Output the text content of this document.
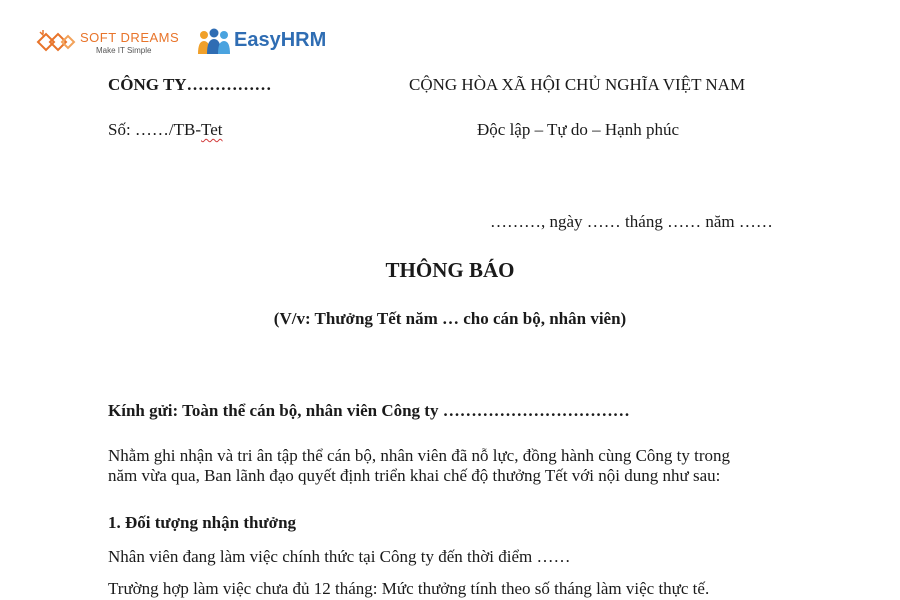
SOFT DREAMS
Make IT Simple	EasyHRM
CÔNG TY……………	CỘNG HÒA XÃ HỘI CHỦ NGHĨA VIỆT NAM
Số: ……/TB-Tet	Độc lập – Tự do – Hạnh phúc
………, ngày …… tháng …… năm ……
THÔNG BÁO
(V/v: Thưởng Tết năm … cho cán bộ, nhân viên)
Kính gửi: Toàn thể cán bộ, nhân viên Công ty ……………………………
Nhằm ghi nhận và tri ân tập thể cán bộ, nhân viên đã nỗ lực, đồng hành cùng Công ty trong
năm vừa qua, Ban lãnh đạo quyết định triển khai chế độ thưởng Tết với nội dung như sau:
1. Đối tượng nhận thưởng
Nhân viên đang làm việc chính thức tại Công ty đến thời điểm ……
Trường hợp làm việc chưa đủ 12 tháng: Mức thưởng tính theo số tháng làm việc thực tế.
